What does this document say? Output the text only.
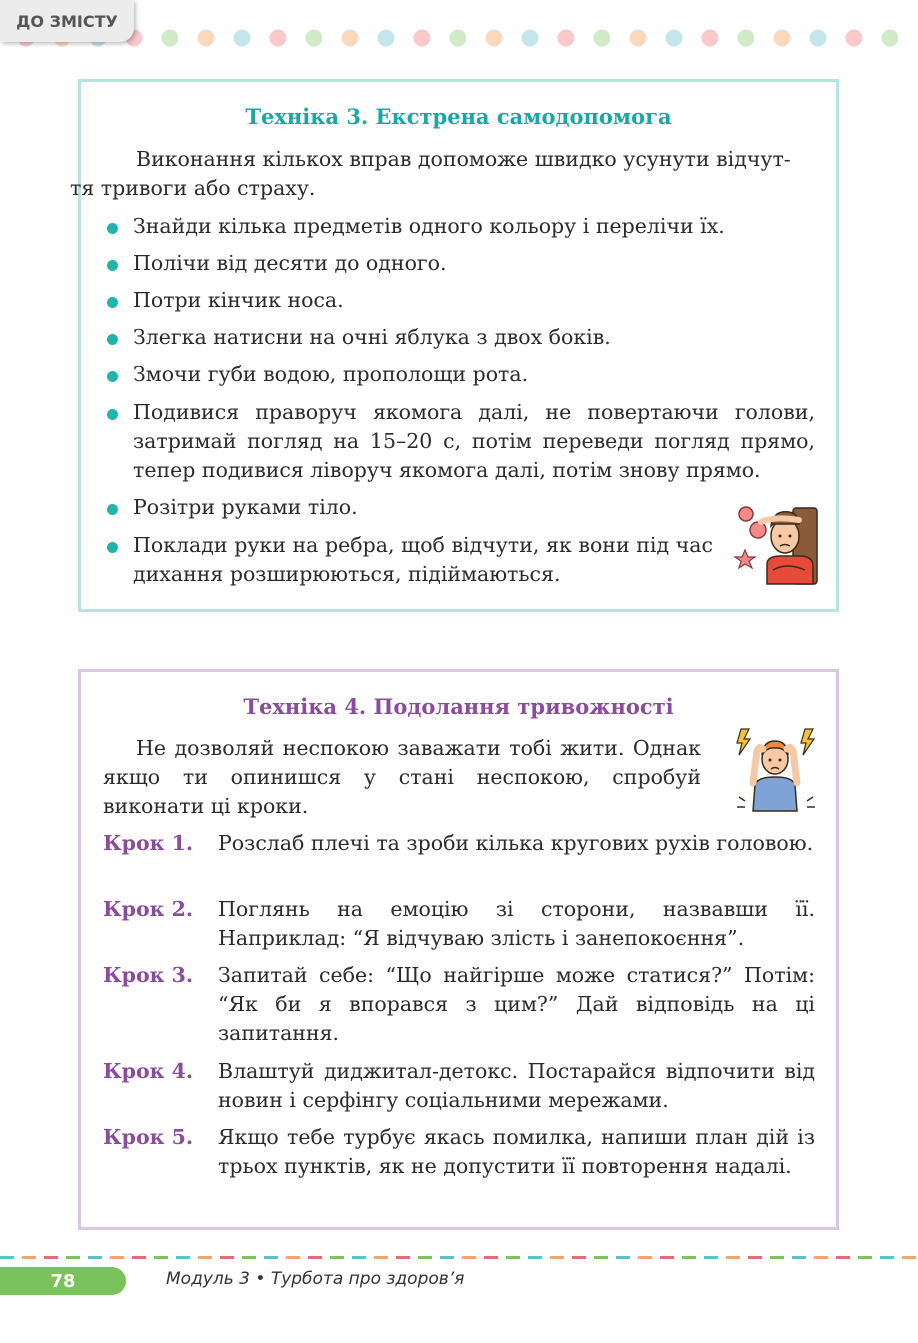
ДО ЗМІСТУ
Техніка 3. Екстрена самодопомога
Виконання кількох вправ допоможе швидко усунути відчут-
тя тривоги або страху.
Знайди кілька предметів одного кольору і перелічи їх.
Полічи від десяти до одного.
Потри кінчик носа.
Злегка натисни на очні яблука з двох боків.
Змочи губи водою, прополощи рота.
Подивися праворуч якомога далі, не повертаючи голови, затримай погляд на 15–20 с, потім переведи погляд прямо, тепер подивися ліворуч якомога далі, потім знову прямо.
Розітри руками тіло.
Поклади руки на ребра, щоб відчути, як вони під час дихання розширюються, підіймаються.
Техніка 4. Подолання тривожності
Не дозволяй неспокою заважати тобі жити. Однак якщо ти опинишся у стані неспокою, спробуй виконати ці кроки.
Крок 1. Розслаб плечі та зроби кілька кругових рухів головою.
Крок 2. Поглянь на емоцію зі сторони, назвавши її. Наприклад: “Я відчуваю злість і занепокоєння”.
Крок 3. Запитай себе: “Що найгірше може статися?” Потім: “Як би я впорався з цим?” Дай відповідь на ці запитання.
Крок 4. Влаштуй диджитал-детокс. Постарайся відпочити від новин і серфінгу соціальними мережами.
Крок 5. Якщо тебе турбує якась помилка, напиши план дій із трьох пунктів, як не допустити її повторення надалі.
78	Модуль 3 • Турбота про здоров’я
